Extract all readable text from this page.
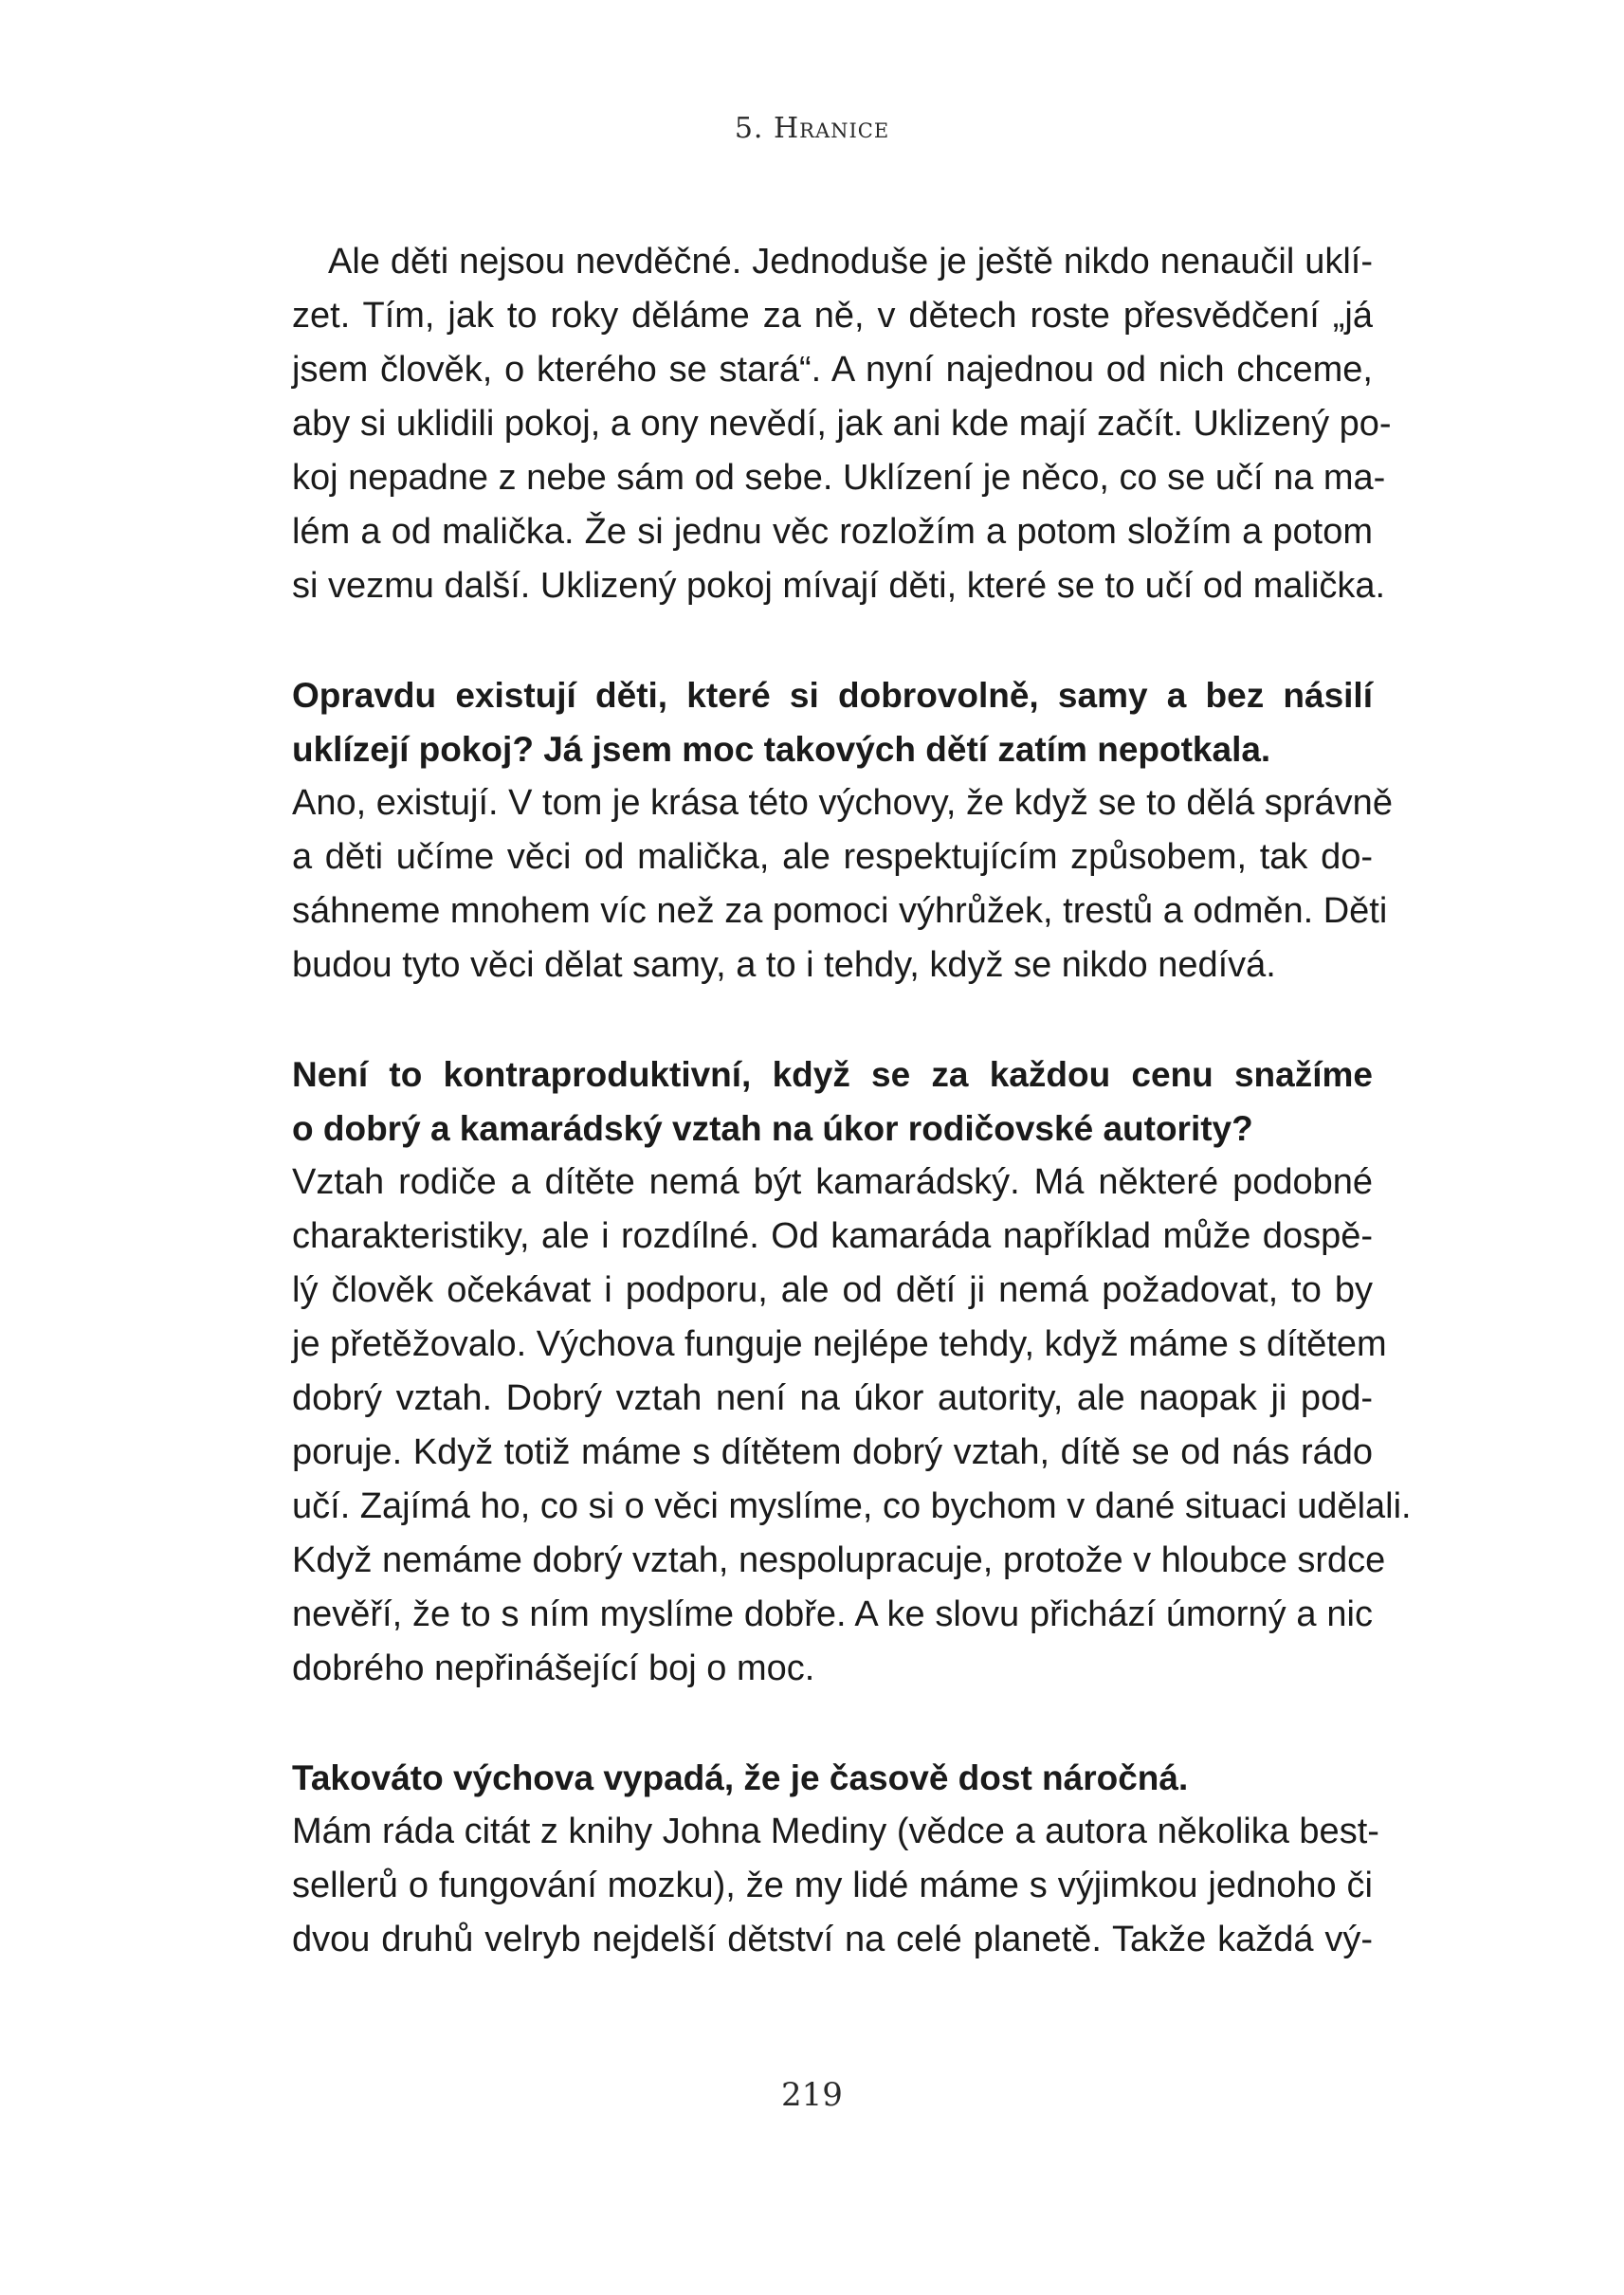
5. Hranice
Ale děti nejsou nevděčné. Jednoduše je ještě nikdo nenaučil uklí-
zet. Tím, jak to roky děláme za ně, v dětech roste přesvědčení „já
jsem člověk, o kterého se stará“. A nyní najednou od nich chceme,
aby si uklidili pokoj, a ony nevědí, jak ani kde mají začít. Uklizený po-
koj nepadne z nebe sám od sebe. Uklízení je něco, co se učí na ma-
lém a od malička. Že si jednu věc rozložím a potom složím a potom
si vezmu další. Uklizený pokoj mívají děti, které se to učí od malička.
Opravdu existují děti, které si dobrovolně, samy a bez násilí
uklízejí pokoj? Já jsem moc takových dětí zatím nepotkala.
Ano, existují. V tom je krása této výchovy, že když se to dělá správně
a děti učíme věci od malička, ale respektujícím způsobem, tak do-
sáhneme mnohem víc než za pomoci výhrůžek, trestů a odměn. Děti
budou tyto věci dělat samy, a to i tehdy, když se nikdo nedívá.
Není to kontraproduktivní, když se za každou cenu snažíme
o dobrý a kamarádský vztah na úkor rodičovské autority?
Vztah rodiče a dítěte nemá být kamarádský. Má některé podobné
charakteristiky, ale i rozdílné. Od kamaráda například může dospě-
lý člověk očekávat i podporu, ale od dětí ji nemá požadovat, to by
je přetěžovalo. Výchova funguje nejlépe tehdy, když máme s dítětem
dobrý vztah. Dobrý vztah není na úkor autority, ale naopak ji pod-
poruje. Když totiž máme s dítětem dobrý vztah, dítě se od nás rádo
učí. Zajímá ho, co si o věci myslíme, co bychom v dané situaci udělali.
Když nemáme dobrý vztah, nespolupracuje, protože v hloubce srdce
nevěří, že to s ním myslíme dobře. A ke slovu přichází úmorný a nic
dobrého nepřinášející boj o moc.
Takováto výchova vypadá, že je časově dost náročná.
Mám ráda citát z knihy Johna Mediny (vědce a autora několika best-
sellerů o fungování mozku), že my lidé máme s výjimkou jednoho či
dvou druhů velryb nejdelší dětství na celé planetě. Takže každá vý-
219
